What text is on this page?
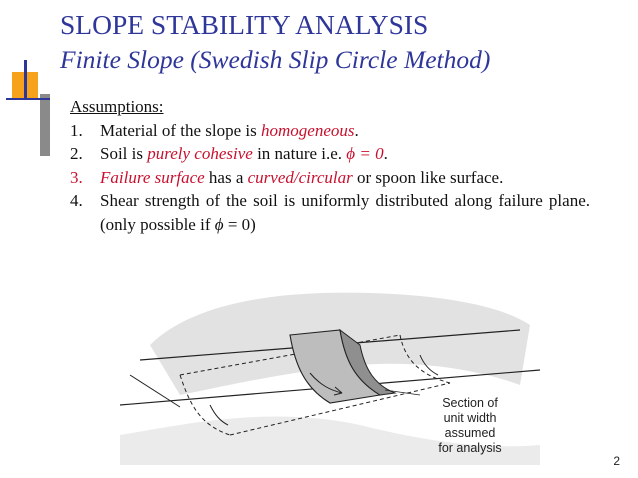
SLOPE STABILITY ANALYSIS
Finite Slope (Swedish Slip Circle Method)
Assumptions:
1.	Material of the slope is homogeneous.
2.	Soil is purely cohesive in nature i.e. ϕ = 0.
3.	Failure surface has a curved/circular or spoon like surface.
4.	Shear strength of the soil is uniformly distributed along failure plane. (only possible if ϕ = 0)
Section of
unit width
assumed
for analysis
2
